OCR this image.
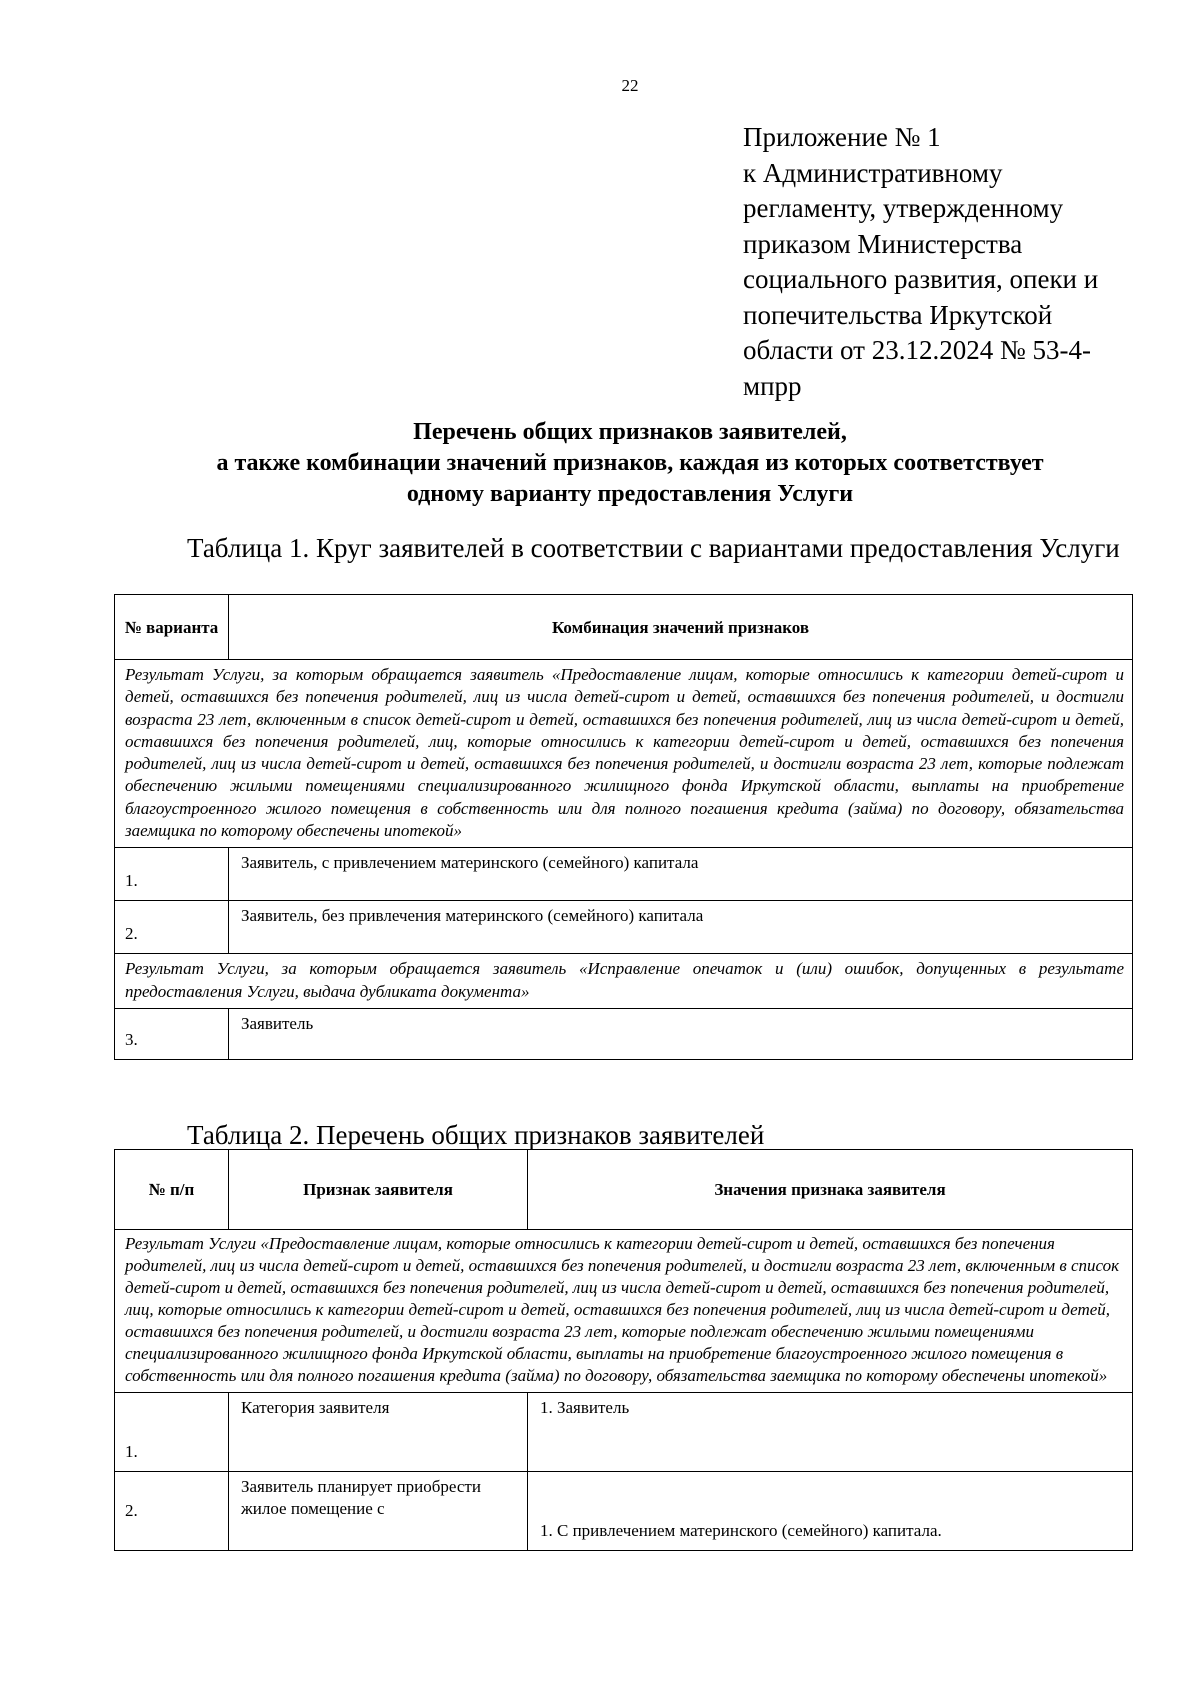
22
Приложение № 1
к Административному
регламенту, утвержденному
приказом Министерства
социального развития, опеки и
попечительства Иркутской
области от 23.12.2024 № 53-4-
мпрр
Перечень общих признаков заявителей,
а также комбинации значений признаков, каждая из которых соответствует
одному варианту предоставления Услуги
Таблица 1. Круг заявителей в соответствии с вариантами предоставления Услуги
№ варианта	Комбинация значений признаков
Результат Услуги, за которым обращается заявитель «Предоставление лицам, которые относились к категории детей-сирот и детей, оставшихся без попечения родителей, лиц из числа детей-сирот и детей, оставшихся без попечения родителей, и достигли возраста 23 лет, включенным в список детей-сирот и детей, оставшихся без попечения родителей, лиц из числа детей-сирот и детей, оставшихся без попечения родителей, лиц, которые относились к категории детей-сирот и детей, оставшихся без попечения родителей, лиц из числа детей-сирот и детей, оставшихся без попечения родителей, и достигли возраста 23 лет, которые подлежат обеспечению жилыми помещениями специализированного жилищного фонда Иркутской области, выплаты на приобретение благоустроенного жилого помещения в собственность или для полного погашения кредита (займа) по договору, обязательства заемщика по которому обеспечены ипотекой»	
1.	Заявитель, с привлечением материнского (семейного) капитала
2.	Заявитель, без привлечения материнского (семейного) капитала
Результат Услуги, за которым обращается заявитель «Исправление опечаток и (или) ошибок, допущенных в результате предоставления Услуги, выдача дубликата документа»	
3.	Заявитель
Таблица 2. Перечень общих признаков заявителей
№ п/п	Признак заявителя	Значения признака заявителя
Результат Услуги «Предоставление лицам, которые относились к категории детей-сирот и детей, оставшихся без попечения родителей, лиц из числа детей-сирот и детей, оставшихся без попечения родителей, и достигли возраста 23 лет, включенным в список детей-сирот и детей, оставшихся без попечения родителей, лиц из числа детей-сирот и детей, оставшихся без попечения родителей, лиц, которые относились к категории детей-сирот и детей, оставшихся без попечения родителей, лиц из числа детей-сирот и детей, оставшихся без попечения родителей, и достигли возраста 23 лет, которые подлежат обеспечению жилыми помещениями специализированного жилищного фонда Иркутской области, выплаты на приобретение благоустроенного жилого помещения в собственность или для полного погашения кредита (займа) по договору, обязательства заемщика по которому обеспечены ипотекой»		
1.	Категория заявителя	1. Заявитель
2.	Заявитель планирует приобрести жилое помещение с	1. С привлечением материнского (семейного) капитала.
